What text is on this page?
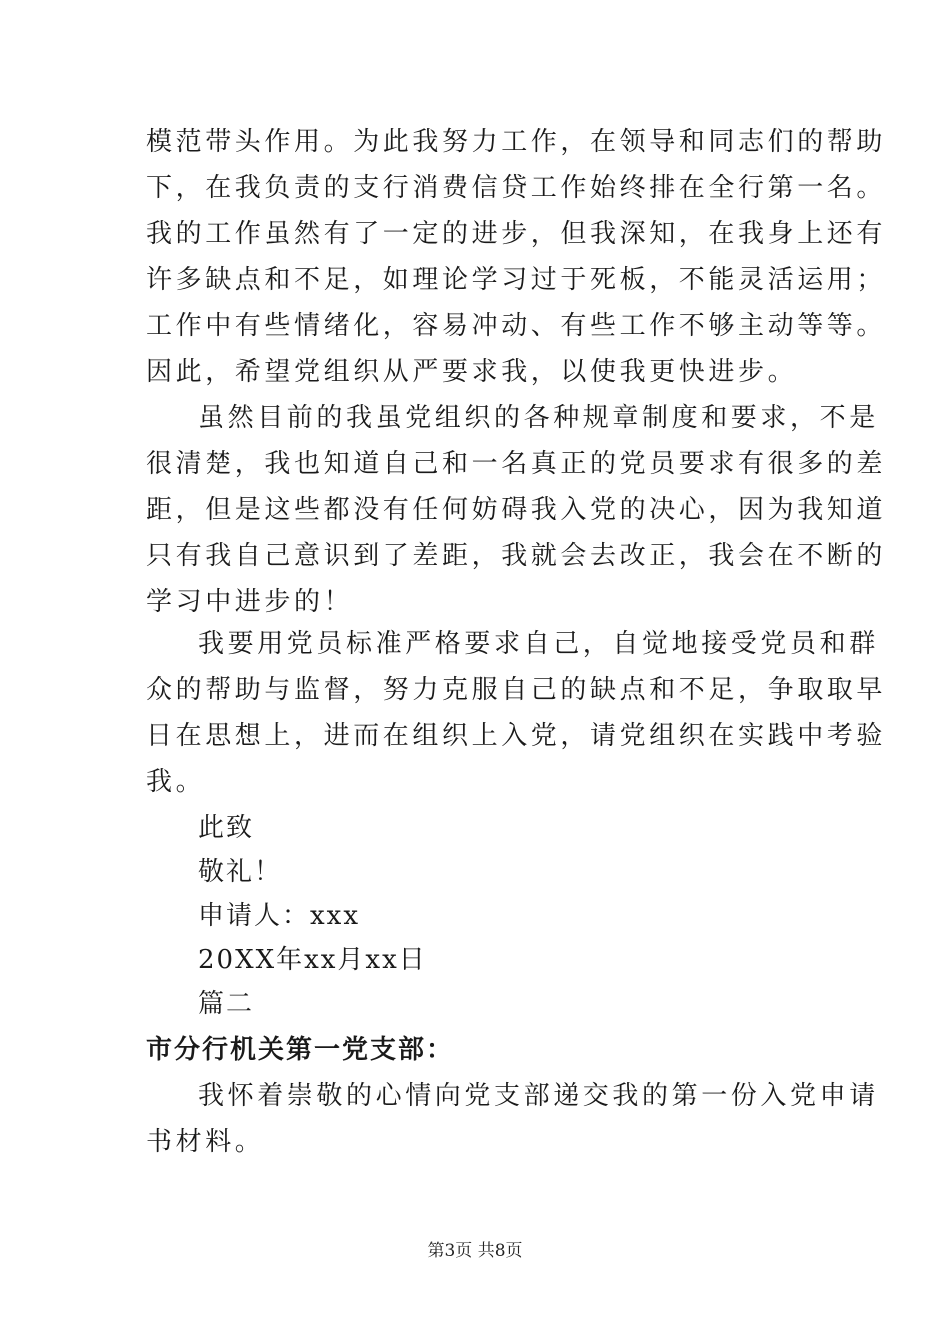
模范带头作用。为此我努力工作，在领导和同志们的帮助
下，在我负责的支行消费信贷工作始终排在全行第一名。
我的工作虽然有了一定的进步，但我深知，在我身上还有
许多缺点和不足，如理论学习过于死板，不能灵活运用；
工作中有些情绪化，容易冲动、有些工作不够主动等等。
因此，希望党组织从严要求我，以使我更快进步。
虽然目前的我虽党组织的各种规章制度和要求，不是
很清楚，我也知道自己和一名真正的党员要求有很多的差
距，但是这些都没有任何妨碍我入党的决心，因为我知道
只有我自己意识到了差距，我就会去改正，我会在不断的
学习中进步的！
我要用党员标准严格要求自己，自觉地接受党员和群
众的帮助与监督，努力克服自己的缺点和不足，争取取早
日在思想上，进而在组织上入党，请党组织在实践中考验
我。
此致
敬礼！
申请人：xxx
20XX年xx月xx日
篇二
市分行机关第一党支部：
我怀着崇敬的心情向党支部递交我的第一份入党申请
书材料。
第3页 共8页
